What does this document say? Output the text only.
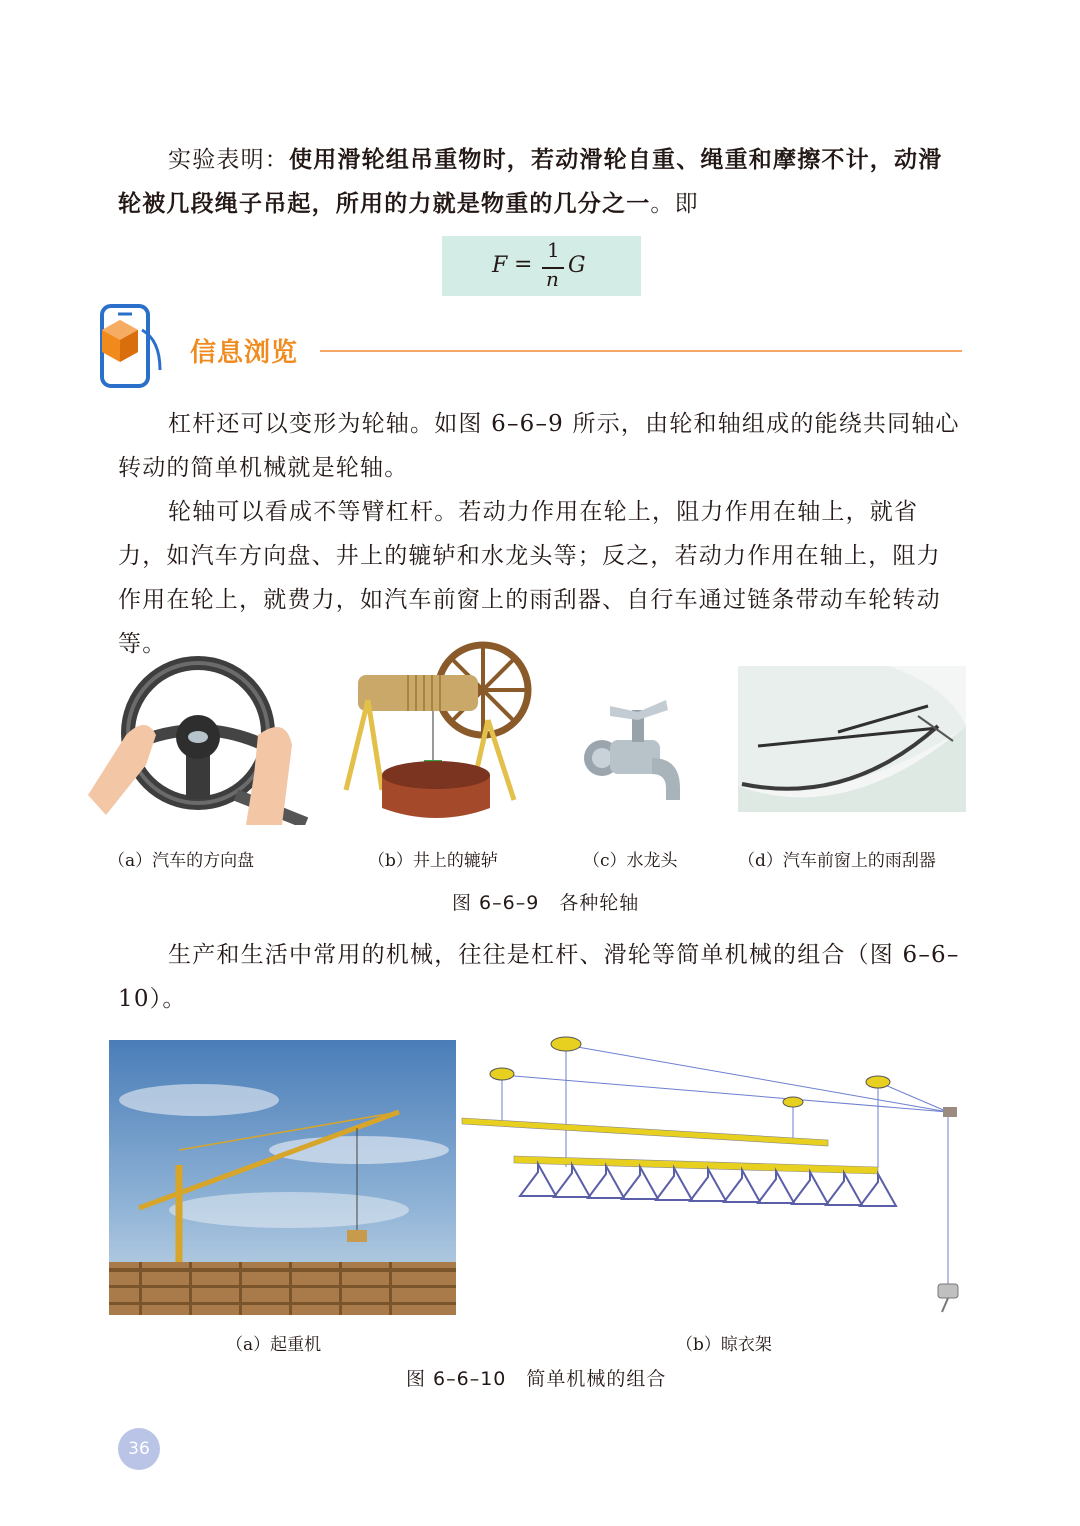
实验表明：使用滑轮组吊重物时，若动滑轮自重、绳重和摩擦不计，动滑轮被几段绳子吊起，所用的力就是物重的几分之一。即

F =
1
n
G
信息浏览

杠杆还可以变形为轮轴。如图 6–6–9 所示，由轮和轴组成的能绕共同轴心转动的简单机械就是轮轴。

轮轴可以看成不等臂杠杆。若动力作用在轮上，阻力作用在轴上，就省力，如汽车方向盘、井上的辘轳和水龙头等；反之，若动力作用在轴上，阻力作用在轮上，就费力，如汽车前窗上的雨刮器、自行车通过链条带动车轮转动等。

（a）汽车的方向盘	（b）井上的辘轳	（c）水龙头	（d）汽车前窗上的雨刮器
图 6–6–9　各种轮轴

生产和生活中常用的机械，往往是杠杆、滑轮等简单机械的组合（图 6–6–10）。

（a）起重机	（b）晾衣架
图 6–6–10　简单机械的组合
36
